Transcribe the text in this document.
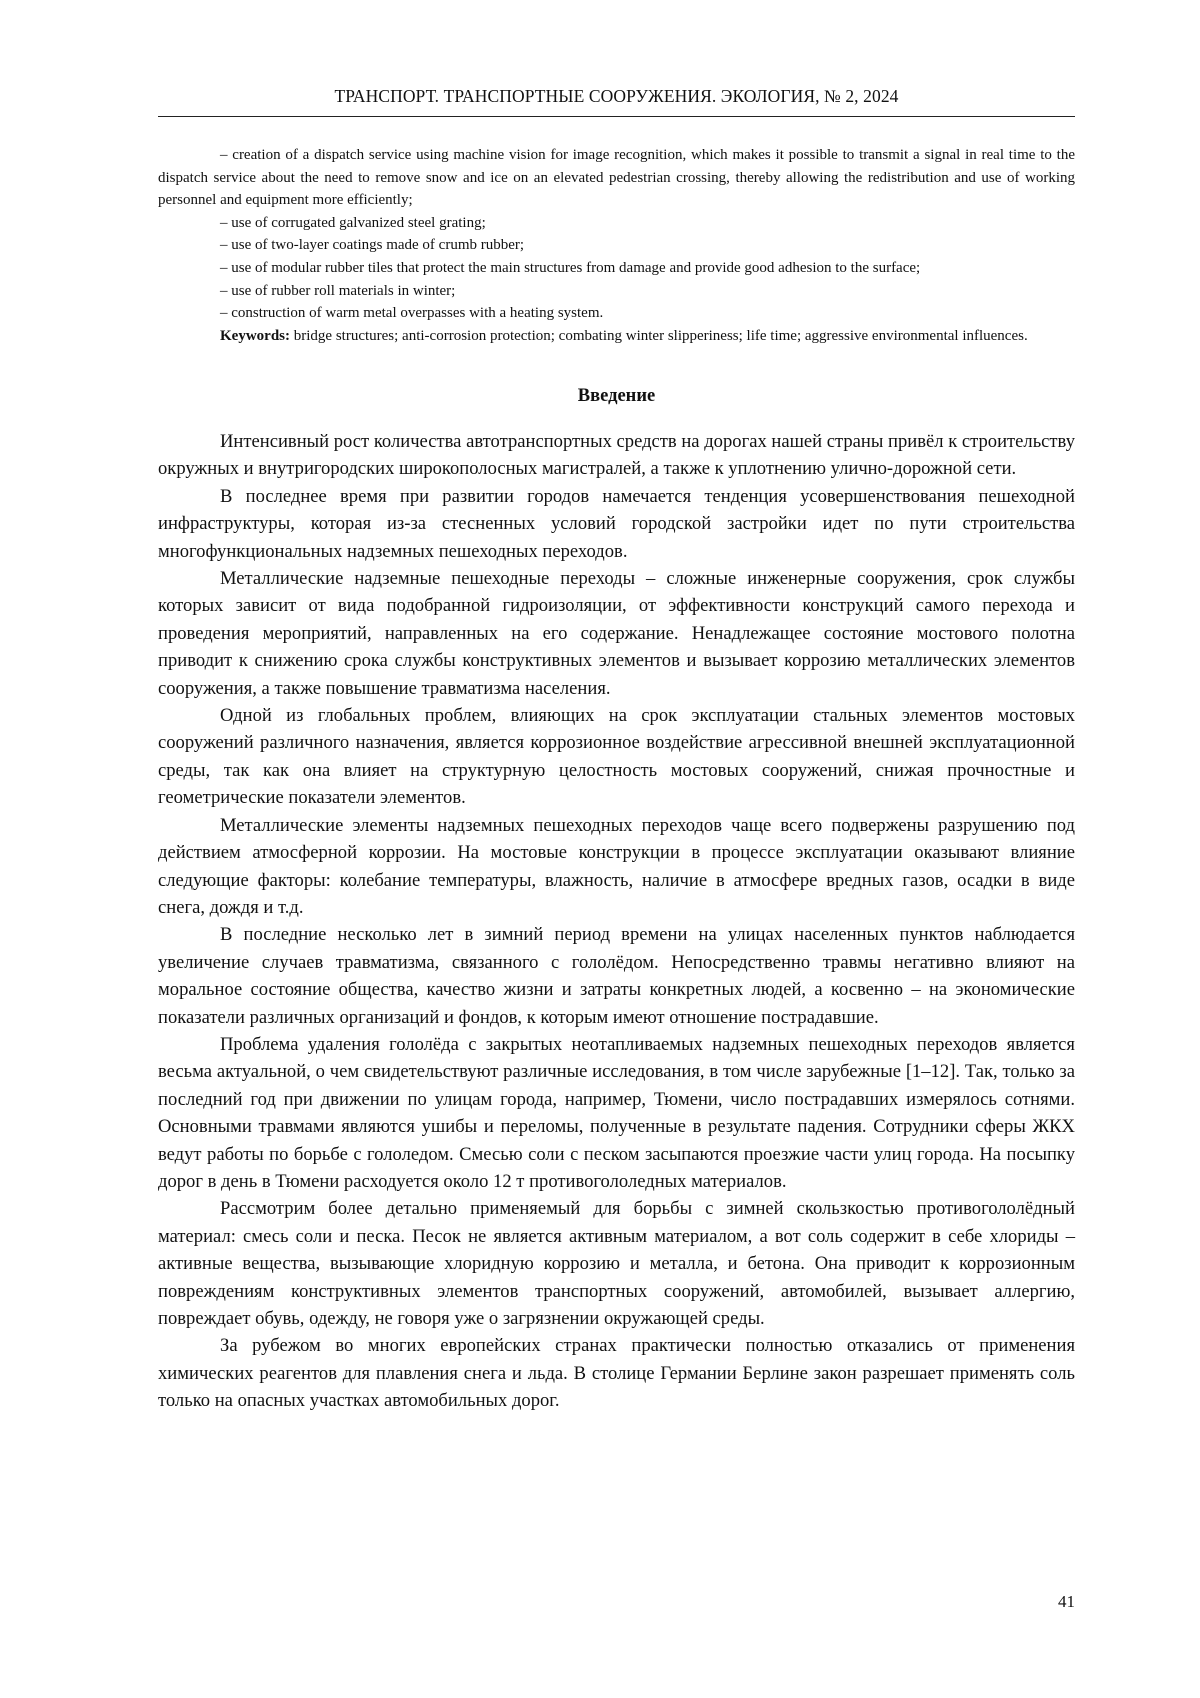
ТРАНСПОРТ. ТРАНСПОРТНЫЕ СООРУЖЕНИЯ. ЭКОЛОГИЯ, № 2, 2024

– creation of a dispatch service using machine vision for image recognition, which makes it possible to transmit a signal in real time to the dispatch service about the need to remove snow and ice on an elevated pedestrian crossing, thereby allowing the redistribution and use of working personnel and equipment more efficiently;

– use of corrugated galvanized steel grating;

– use of two-layer coatings made of crumb rubber;

– use of modular rubber tiles that protect the main structures from damage and provide good adhesion to the surface;

– use of rubber roll materials in winter;

– construction of warm metal overpasses with a heating system.

Keywords: bridge structures; anti-corrosion protection; combating winter slipperiness; life time; aggressive environmental influences.

Введение

Интенсивный рост количества автотранспортных средств на дорогах нашей страны привёл к строительству окружных и внутригородских широкополосных магистралей, а также к уплотнению улично-дорожной сети.

В последнее время при развитии городов намечается тенденция усовершенствования пешеходной инфраструктуры, которая из-за стесненных условий городской застройки идет по пути строительства многофункциональных надземных пешеходных переходов.

Металлические надземные пешеходные переходы – сложные инженерные сооружения, срок службы которых зависит от вида подобранной гидроизоляции, от эффективности конструкций самого перехода и проведения мероприятий, направленных на его содержание. Ненадлежащее состояние мостового полотна приводит к снижению срока службы конструктивных элементов и вызывает коррозию металлических элементов сооружения, а также повышение травматизма населения.

Одной из глобальных проблем, влияющих на срок эксплуатации стальных элементов мостовых сооружений различного назначения, является коррозионное воздействие агрессивной внешней эксплуатационной среды, так как она влияет на структурную целостность мостовых сооружений, снижая прочностные и геометрические показатели элементов.

Металлические элементы надземных пешеходных переходов чаще всего подвержены разрушению под действием атмосферной коррозии. На мостовые конструкции в процессе эксплуатации оказывают влияние следующие факторы: колебание температуры, влажность, наличие в атмосфере вредных газов, осадки в виде снега, дождя и т.д.

В последние несколько лет в зимний период времени на улицах населенных пунктов наблюдается увеличение случаев травматизма, связанного с гололёдом. Непосредственно травмы негативно влияют на моральное состояние общества, качество жизни и затраты конкретных людей, а косвенно – на экономические показатели различных организаций и фондов, к которым имеют отношение пострадавшие.

Проблема удаления гололёда с закрытых неотапливаемых надземных пешеходных переходов является весьма актуальной, о чем свидетельствуют различные исследования, в том числе зарубежные [1–12]. Так, только за последний год при движении по улицам города, например, Тюмени, число пострадавших измерялось сотнями. Основными травмами являются ушибы и переломы, полученные в результате падения. Сотрудники сферы ЖКХ ведут работы по борьбе с гололедом. Смесью соли с песком засыпаются проезжие части улиц города. На посыпку дорог в день в Тюмени расходуется около 12 т противогололедных материалов.

Рассмотрим более детально применяемый для борьбы с зимней скользкостью противогололёдный материал: смесь соли и песка. Песок не является активным материалом, а вот соль содержит в себе хлориды – активные вещества, вызывающие хлоридную коррозию и металла, и бетона. Она приводит к коррозионным повреждениям конструктивных элементов транспортных сооружений, автомобилей, вызывает аллергию, повреждает обувь, одежду, не говоря уже о загрязнении окружающей среды.

За рубежом во многих европейских странах практически полностью отказались от применения химических реагентов для плавления снега и льда. В столице Германии Берлине закон разрешает применять соль только на опасных участках автомобильных дорог.

41
